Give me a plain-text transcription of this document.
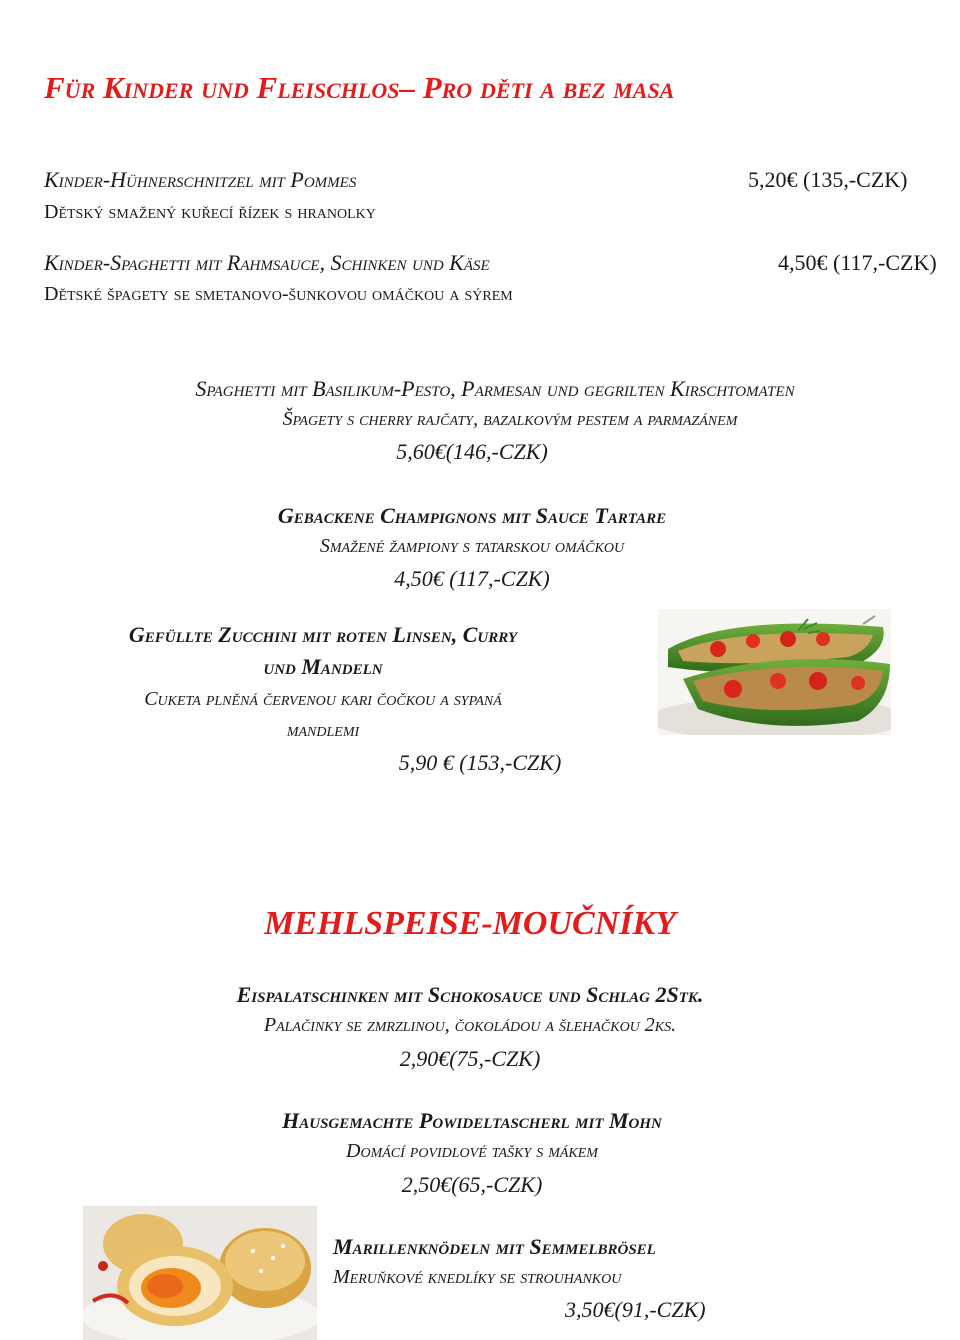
Für Kinder und Fleischlos– Pro děti a bez masa
Kinder-Hühnerschnitzel mit Pommes
Dětský smažený kuřecí řízek s hranolky
5,20€ (135,-CZK)
Kinder-Spaghetti mit Rahmsauce, Schinken und Käse
Dětské špagety se smetanovo-šunkovou omáčkou a sýrem
4,50€ (117,-CZK)
Spaghetti mit Basilikum-Pesto, Parmesan und gegrilten Kirschtomaten
Špagety s cherry rajčaty, bazalkovým pestem a parmazánem
5,60€(146,-CZK)
Gebackene Champignons mit Sauce Tartare
Smažené žampiony s tatarskou omáčkou
4,50€ (117,-CZK)
Gefüllte Zucchini mit roten Linsen, Curry
und Mandeln
Cuketa plněná červenou kari čočkou a sypaná
mandlemi
5,90 € (153,-CZK)
MEHLSPEISE-MOUČNÍKY
Eispalatschinken mit Schokosauce und Schlag 2Stk.
Palačinky se zmrzlinou, čokoládou a šlehačkou 2ks.
2,90€(75,-CZK)
Hausgemachte Powideltascherl mit Mohn
Domácí povidlové tašky s mákem
2,50€(65,-CZK)
Marillenknödeln mit Semmelbrösel
Meruňkové knedlíky se strouhankou
3,50€(91,-CZK)
